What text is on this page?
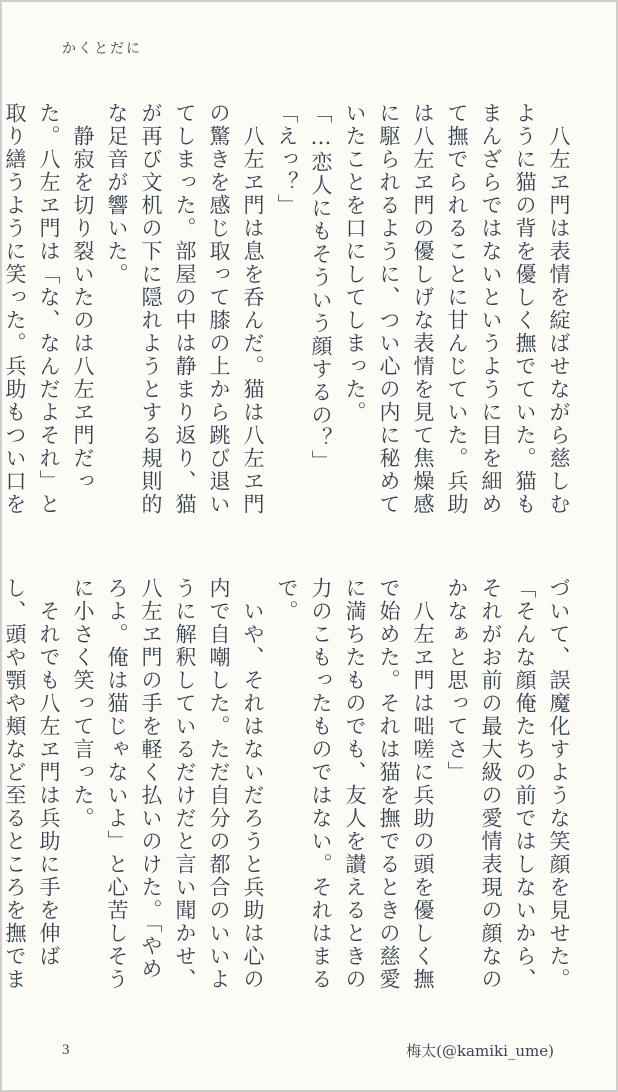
かくとだに

　八左ヱ門は表情を綻ばせながら慈しむように猫の背を優しく撫でていた。猫もまんざらではないというように目を細めて撫でられることに甘んじていた。兵助は八左ヱ門の優しげな表情を見て焦燥感に駆られるように、つい心の内に秘めていたことを口にしてしまった。

「…恋人にもそういう顔するの？」

「えっ？」

　八左ヱ門は息を呑んだ。猫は八左ヱ門の驚きを感じ取って膝の上から跳び退いてしまった。部屋の中は静まり返り、猫が再び文机の下に隠れようとする規則的な足音が響いた。

　静寂を切り裂いたのは八左ヱ門だった。八左ヱ門は「な、なんだよそれ」と取り繕うように笑った。兵助もつい口を

づいて、誤魔化すような笑顔を見せた。

「そんな顔俺たちの前ではしないから、それがお前の最大級の愛情表現の顔なのかなぁと思ってさ」

　八左ヱ門は咄嗟に兵助の頭を優しく撫で始めた。それは猫を撫でるときの慈愛に満ちたものでも、友人を讃えるときの力のこもったものではない。それはまるで。

　いや、それはないだろうと兵助は心の内で自嘲した。ただ自分の都合のいいように解釈しているだけだと言い聞かせ、八左ヱ門の手を軽く払いのけた。「やめろよ。俺は猫じゃないよ」と心苦しそうに小さく笑って言った。

　それでも八左ヱ門は兵助に手を伸ばし、頭や顎や頬など至るところを撫でま

3	梅太(@kamiki_ume)
